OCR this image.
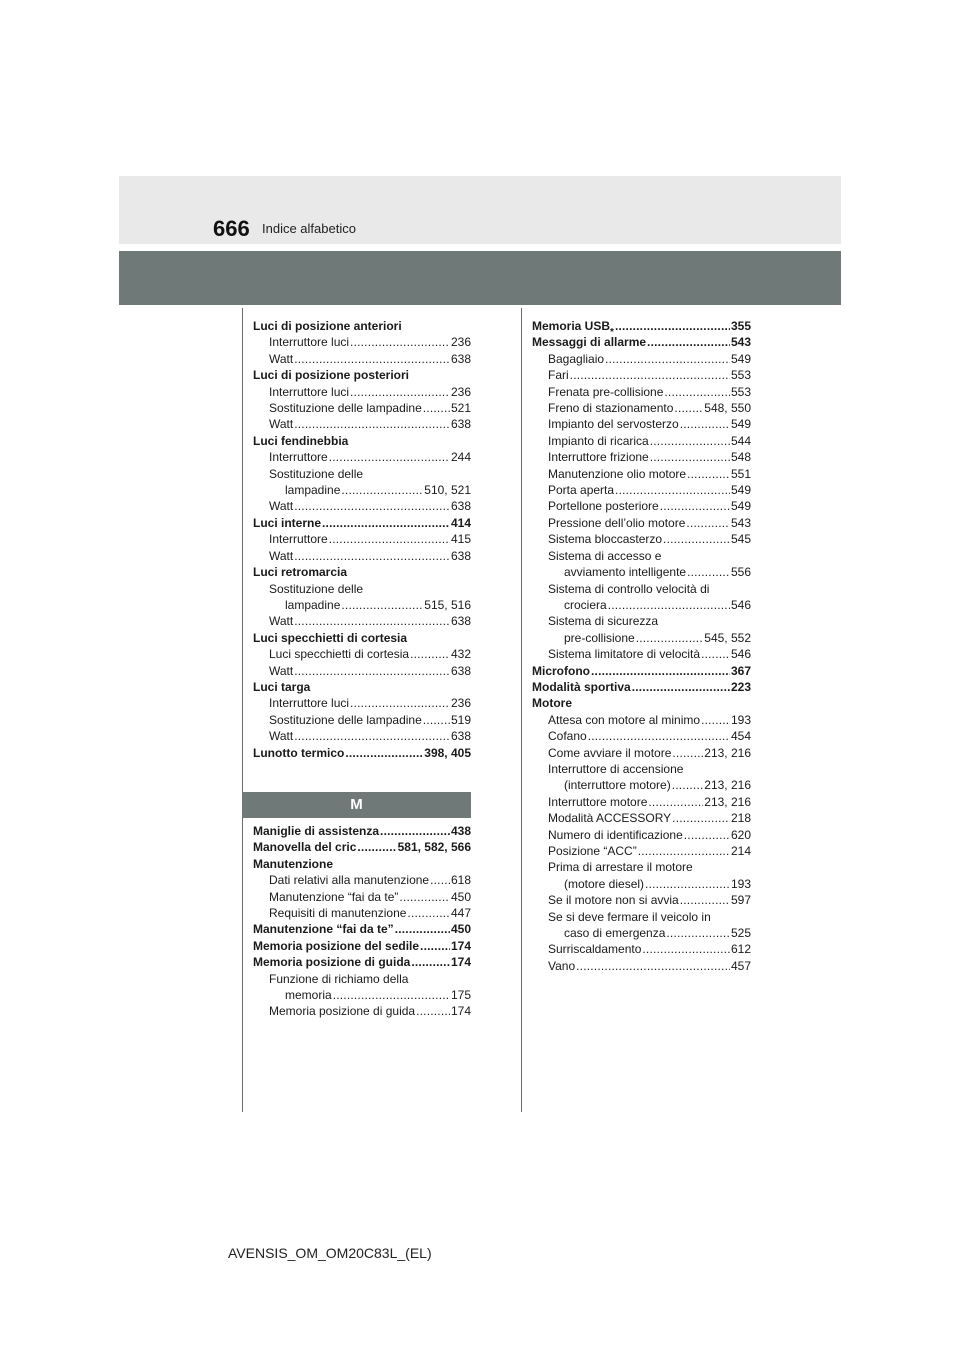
666 Indice alfabetico
Luci di posizione anteriori
Interruttore luci .....	236
Watt .....	638
Luci di posizione posteriori
Interruttore luci .....	236
Sostituzione delle lampadine ..... 521
Watt .....	638
Luci fendinebbia
Interruttore .....	244
Sostituzione delle
lampadine .....	510, 521
Watt .....	638
Luci interne .....	414
Interruttore .....	415
Watt .....	638
Luci retromarcia
Sostituzione delle
lampadine .....	515, 516
Watt .....	638
Luci specchietti di cortesia
Luci specchietti di cortesia .....	432
Watt .....	638
Luci targa
Interruttore luci .....	236
Sostituzione delle lampadine ..... 519
Watt .....	638
Lunotto termico .....	398, 405
M
Maniglie di assistenza .....	438
Manovella del cric .....	581, 582, 566
Manutenzione
Dati relativi alla manutenzione ..... 618
Manutenzione “fai da te” .....	450
Requisiti di manutenzione .....	447
Manutenzione “fai da te” .....	450
Memoria posizione del sedile .....	174
Memoria posizione di guida .....	174
Funzione di richiamo della
memoria .....	175
Memoria posizione di guida .....	174
Memoria USB* .....	355
Messaggi di allarme .....	543
Bagagliaio .....	549
Fari .....	553
Frenata pre-collisione .....	553
Freno di stazionamento .....	548, 550
Impianto del servosterzo .....	549
Impianto di ricarica .....	544
Interruttore frizione .....	548
Manutenzione olio motore .....	551
Porta aperta .....	549
Portellone posteriore .....	549
Pressione dell’olio motore .....	543
Sistema bloccasterzo .....	545
Sistema di accesso e
avviamento intelligente .....	556
Sistema di controllo velocità di
crociera .....	546
Sistema di sicurezza
pre-collisione .....	545, 552
Sistema limitatore di velocità .....	546
Microfono .....	367
Modalità sportiva .....	223
Motore
Attesa con motore al minimo .....	193
Cofano .....	454
Come avviare il motore .....	213, 216
Interruttore di accensione
(interruttore motore) .....	213, 216
Interruttore motore .....	213, 216
Modalità ACCESSORY .....	218
Numero di identificazione .....	620
Posizione “ACC” .....	214
Prima di arrestare il motore
(motore diesel) .....	193
Se il motore non si avvia .....	597
Se si deve fermare il veicolo in
caso di emergenza .....	525
Surriscaldamento .....	612
Vano .....	457
AVENSIS_OM_OM20C83L_(EL)
